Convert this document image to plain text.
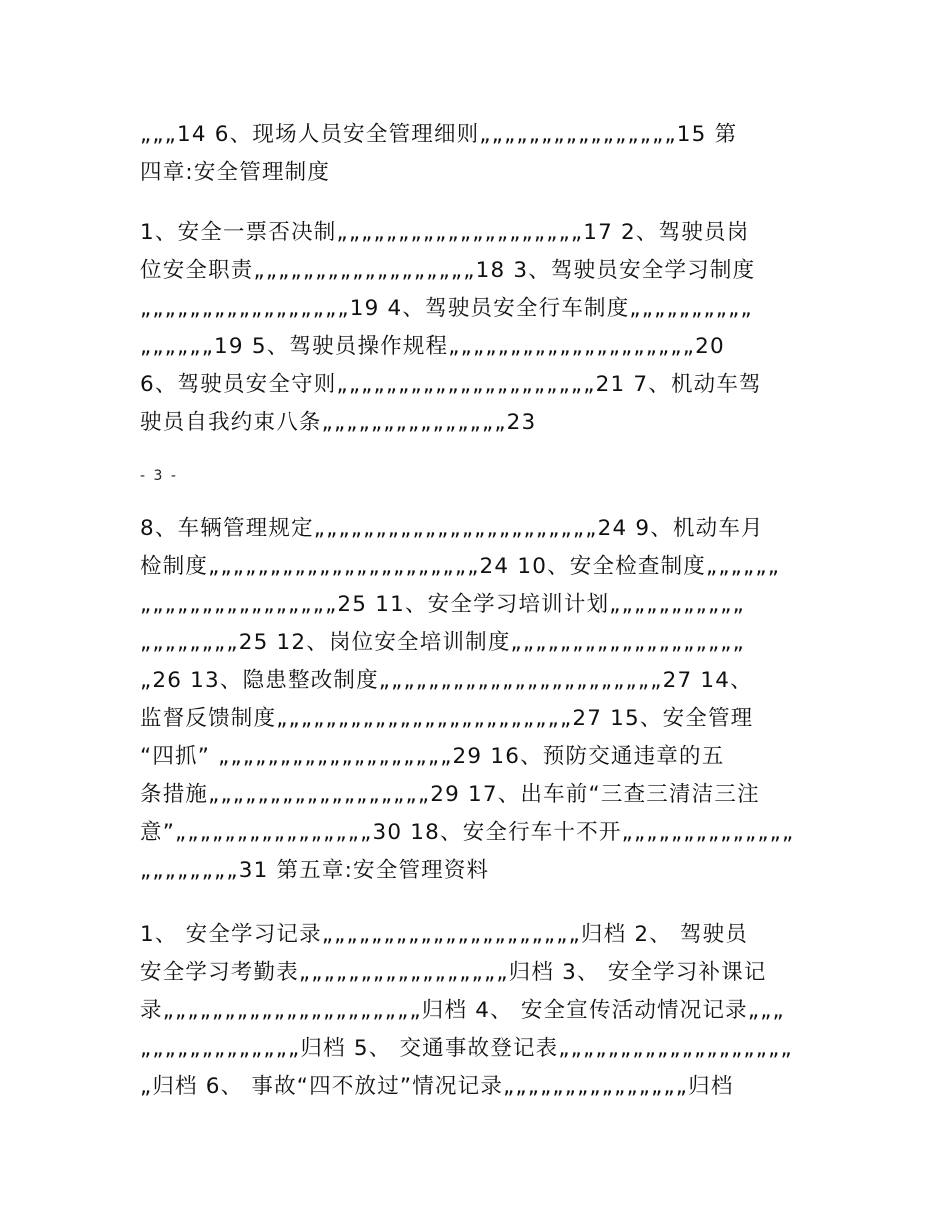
„„„14 6、现场人员安全管理细则„„„„„„„„„„„„„„„„15 第
四章:安全管理制度
1、安全一票否决制„„„„„„„„„„„„„„„„„„„„17 2、驾驶员岗
位安全职责„„„„„„„„„„„„„„„„„„18 3、驾驶员安全学习制度
„„„„„„„„„„„„„„„„„19 4、驾驶员安全行车制度„„„„„„„„„„
„„„„„„19 5、驾驶员操作规程„„„„„„„„„„„„„„„„„„„„20
6、驾驶员安全守则„„„„„„„„„„„„„„„„„„„„„21 7、机动车驾
驶员自我约束八条„„„„„„„„„„„„„„„23
- 3 -
8、车辆管理规定„„„„„„„„„„„„„„„„„„„„„„„24 9、机动车月
检制度„„„„„„„„„„„„„„„„„„„„„„24 10、安全检查制度„„„„„„
„„„„„„„„„„„„„„„„25 11、安全学习培训计划„„„„„„„„„„„
„„„„„„„„25 12、岗位安全培训制度„„„„„„„„„„„„„„„„„„„
„26 13、隐患整改制度„„„„„„„„„„„„„„„„„„„„„„„27 14、
监督反馈制度„„„„„„„„„„„„„„„„„„„„„„„„27 15、安全管理
“四抓” „„„„„„„„„„„„„„„„„„„29 16、预防交通违章的五
条措施„„„„„„„„„„„„„„„„„„29 17、出车前“三查三清洁三注
意”„„„„„„„„„„„„„„„„30 18、安全行车十不开„„„„„„„„„„„„„„
„„„„„„„„31 第五章:安全管理资料
1、 安全学习记录„„„„„„„„„„„„„„„„„„„„„归档 2、 驾驶员
安全学习考勤表„„„„„„„„„„„„„„„„„归档 3、 安全学习补课记
录„„„„„„„„„„„„„„„„„„„„„归档 4、 安全宣传活动情况记录„„„
„„„„„„„„„„„„„归档 5、 交通事故登记表„„„„„„„„„„„„„„„„„„„
„归档 6、 事故“四不放过”情况记录„„„„„„„„„„„„„„„归档
